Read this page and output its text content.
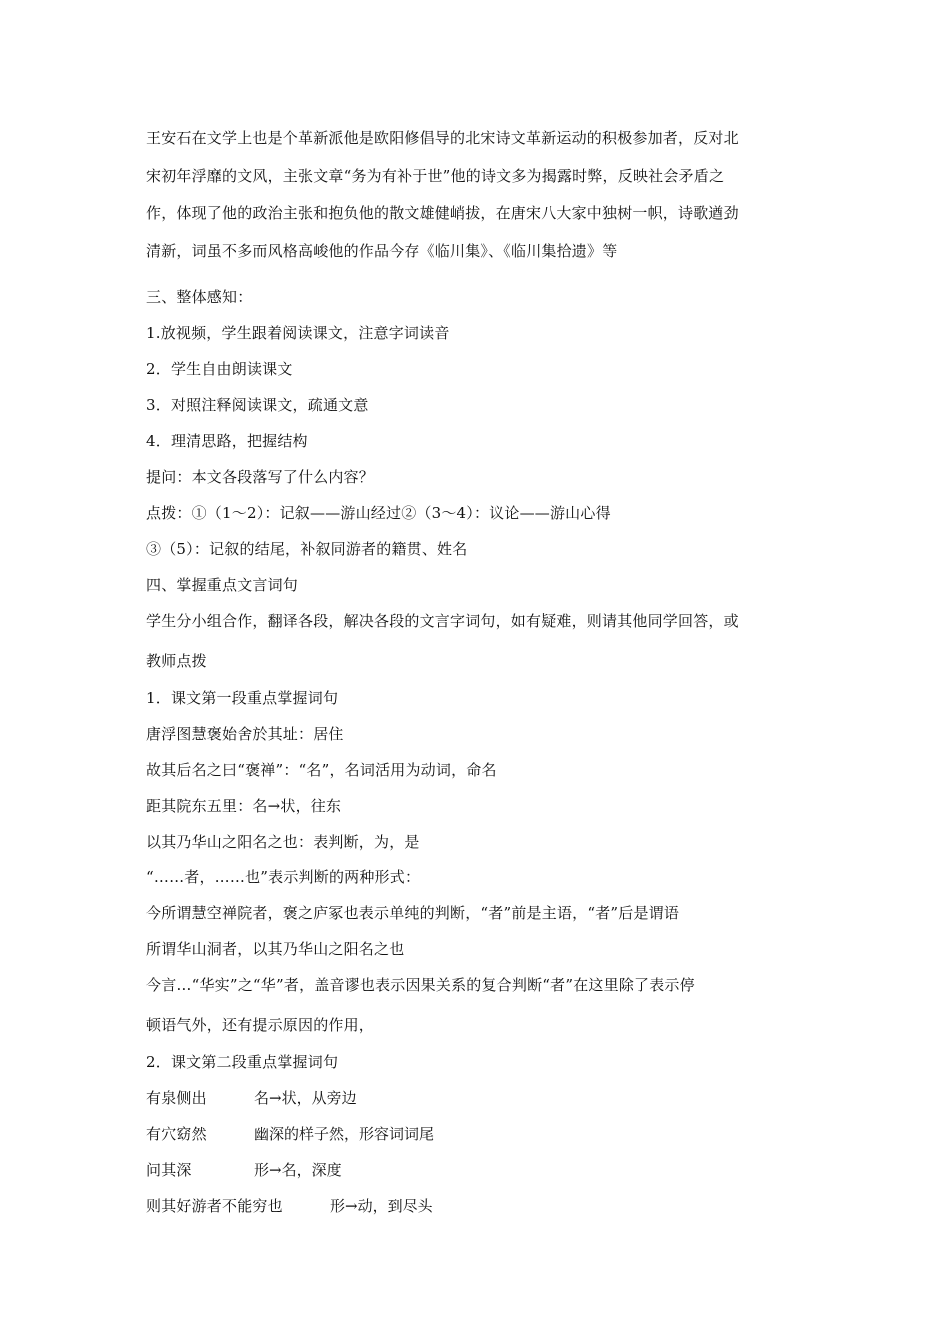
王安石在文学上也是个革新派他是欧阳修倡导的北宋诗文革新运动的积极参加者，反对北
宋初年浮靡的文风，主张文章“务为有补于世”他的诗文多为揭露时弊，反映社会矛盾之
作，体现了他的政治主张和抱负他的散文雄健峭拔，在唐宋八大家中独树一帜，诗歌遒劲
清新，词虽不多而风格高峻他的作品今存《临川集》、《临川集拾遗》等
三、整体感知：
1.放视频，学生跟着阅读课文，注意字词读音
2．学生自由朗读课文
3．对照注释阅读课文，疏通文意
4．理清思路，把握结构
提问：本文各段落写了什么内容？
点拨：①（1～2）：记叙——游山经过②（3～4）：议论——游山心得
③（5）：记叙的结尾，补叙同游者的籍贯、姓名
四、掌握重点文言词句
学生分小组合作，翻译各段，解决各段的文言字词句，如有疑难，则请其他同学回答，或
教师点拨
1．课文第一段重点掌握词句
唐浮图慧褒始舍於其址：居住
故其后名之曰“褒禅”：“名”，名词活用为动词，命名
距其院东五里：名→状，往东
以其乃华山之阳名之也：表判断，为，是
“……者，……也”表示判断的两种形式：
今所谓慧空禅院者，褒之庐冢也表示单纯的判断，“者”前是主语，“者”后是谓语
所谓华山洞者，以其乃华山之阳名之也
今言…“华实”之“华”者，盖音谬也表示因果关系的复合判断“者”在这里除了表示停
顿语气外，还有提示原因的作用，
2．课文第二段重点掌握词句
有泉侧出	名→状，从旁边
有穴窈然	幽深的样子然，形容词词尾
问其深	形→名，深度
则其好游者不能穷也	形→动，到尽头
